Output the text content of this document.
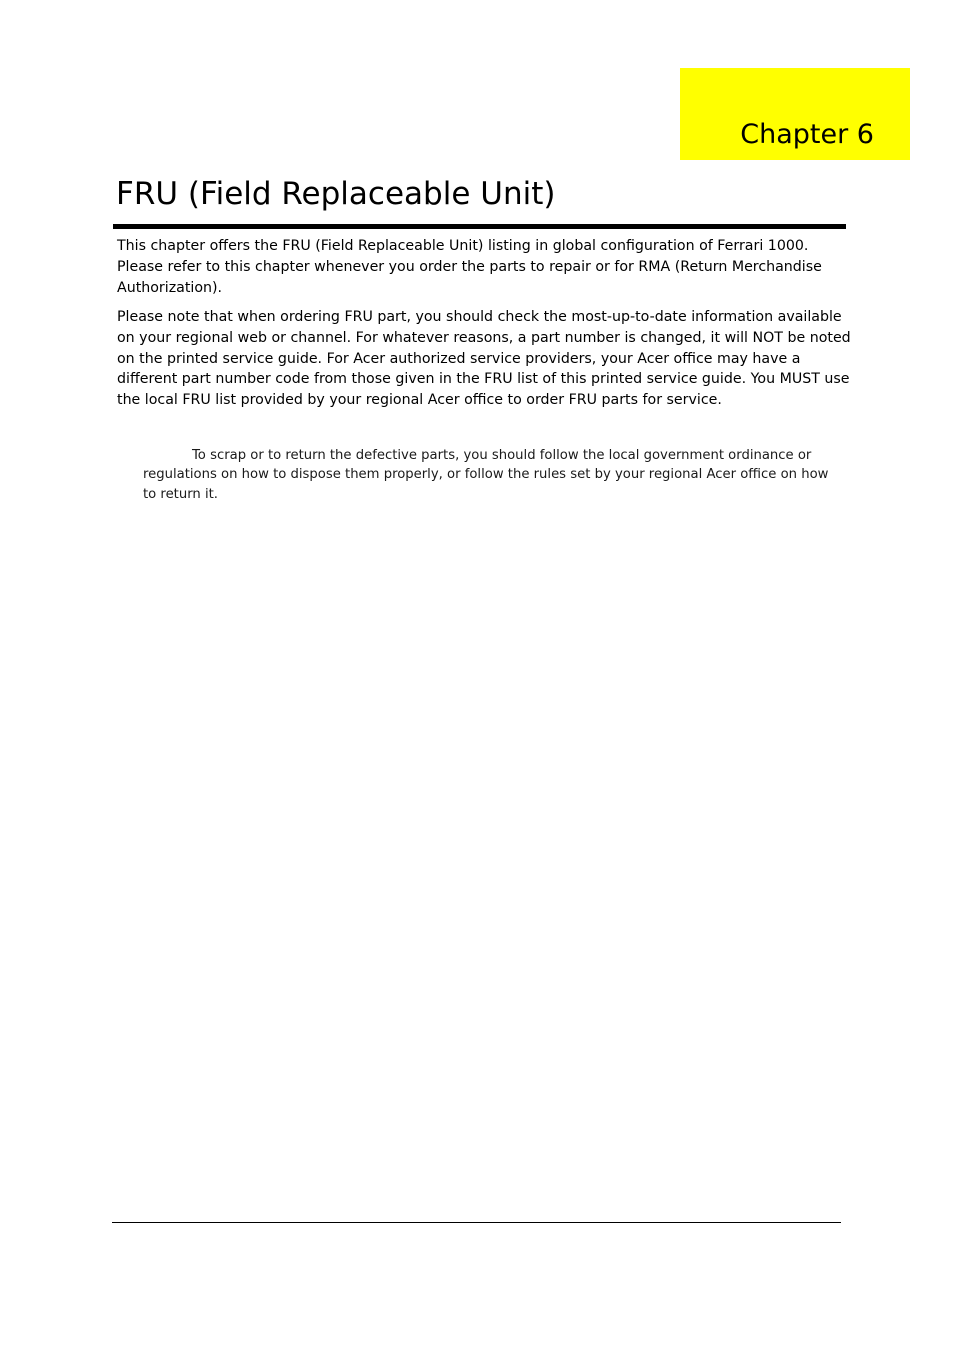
Chapter 6
FRU (Field Replaceable Unit)

This chapter offers the FRU (Field Replaceable Unit) listing in global configuration of Ferrari 1000. Please refer to this chapter whenever you order the parts to repair or for RMA (Return Merchandise Authorization).

Please note that when ordering FRU part, you should check the most-up-to-date information available on your regional web or channel. For whatever reasons, a part number is changed, it will NOT be noted on the printed service guide. For Acer authorized service providers, your Acer office may have a different part number code from those given in the FRU list of this printed service guide. You MUST use the local FRU list provided by your regional Acer office to order FRU parts for service.

To scrap or to return the defective parts, you should follow the local government ordinance or regulations on how to dispose them properly, or follow the rules set by your regional Acer office on how to return it.
